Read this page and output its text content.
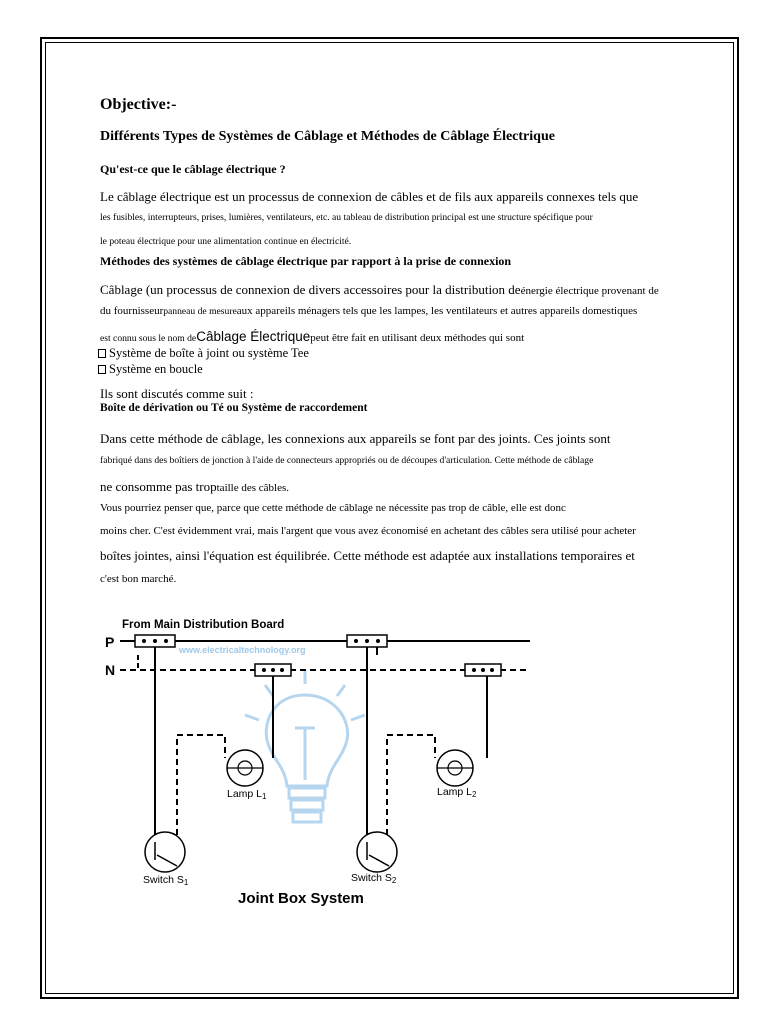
Objective:-
Différents Types de Systèmes de Câblage et Méthodes de Câblage Électrique
Qu'est-ce que le câblage électrique ?
Le câblage électrique est un processus de connexion de câbles et de fils aux appareils connexes tels que
les fusibles, interrupteurs, prises, lumières, ventilateurs, etc. au tableau de distribution principal est une structure spécifique pour
le poteau électrique pour une alimentation continue en électricité.
Méthodes des systèmes de câblage électrique par rapport à la prise de connexion
Câblage (un processus de connexion de divers accessoires pour la distribution deénergie électrique provenant de
du fournisseurpanneau de mesureaux appareils ménagers tels que les lampes, les ventilateurs et autres appareils domestiques
est connu sous le nom deCâblage Électriquepeut être fait en utilisant deux méthodes qui sont
Système de boîte à joint ou système Tee
Système en boucle
Ils sont discutés comme suit :
Boîte de dérivation ou Té ou Système de raccordement
Dans cette méthode de câblage, les connexions aux appareils se font par des joints. Ces joints sont
fabriqué dans des boîtiers de jonction à l'aide de connecteurs appropriés ou de découpes d'articulation. Cette méthode de câblage
ne consomme pas troptaille des câbles.
Vous pourriez penser que, parce que cette méthode de câblage ne nécessite pas trop de câble, elle est donc
moins cher. C'est évidemment vrai, mais l'argent que vous avez économisé en achetant des câbles sera utilisé pour acheter
boîtes jointes, ainsi l'équation est équilibrée. Cette méthode est adaptée aux installations temporaires et
c'est bon marché.
From Main Distribution Board
P
N
www.electricaltechnology.org
Lamp L1	Lamp L2
Switch S1	Switch S2
Joint Box System
